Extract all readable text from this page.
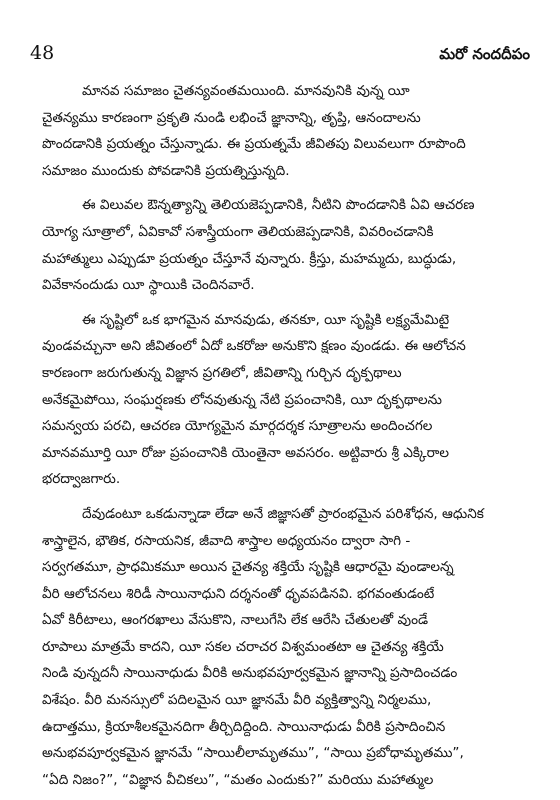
48	మరో నందదీపం

మానవ సమాజం చైతన్యవంతమయింది. మానవునికి వున్న యీ

చైతన్యము కారణంగా ప్రకృతి నుండి లభించే జ్ఞానాన్ని, తృప్తి, ఆనందాలను

పొందడానికి ప్రయత్నం చేస్తున్నాడు. ఈ ప్రయత్నమే జీవితపు విలువలుగా రూపొంది

సమాజం ముందుకు పోవడానికి ప్రయత్నిస్తున్నది.

ఈ విలువల ఔన్నత్యాన్ని తెలియజెప్పడానికి, నీటిని పొందడానికి ఏవి ఆచరణ

యోగ్య సూత్రాలో, ఏవికావో సశాస్త్రీయంగా తెలియజెప్పడానికి, వివరించడానికి

మహాత్ములు ఎప్పుడూ ప్రయత్నం చేస్తూనే వున్నారు. క్రీస్తు, మహమ్మదు, బుద్ధుడు,

వివేకానందుడు యీ స్థాయికి చెందినవారే.

ఈ సృష్టిలో ఒక భాగమైన మానవుడు, తనకూ, యీ సృష్టికి లక్ష్యమేమిటై

వుండవచ్చునా అని జీవితంలో ఏదో ఒకరోజు అనుకొని క్షణం వుండడు. ఈ ఆలోచన

కారణంగా జరుగుతున్న విజ్ఞాన ప్రగతిలో, జీవితాన్ని గుర్చిన దృక్పథాలు

అనేకమైపోయి, సంఘర్షణకు లోనవుతున్న నేటి ప్రపంచానికి, యీ దృక్పథాలను

సమన్వయ పరచి, ఆచరణ యోగ్యమైన మార్గదర్శక సూత్రాలను అందించగల

మానవమూర్తి యీ రోజు ప్రపంచానికి యెంతైనా అవసరం. అట్టివారు శ్రీ ఎక్కిరాల

భరద్వాజగారు.

దేవుడంటూ ఒకడున్నాడా లేడా అనే జిజ్ఞాసతో ప్రారంభమైన పరిశోధన, ఆధునిక

శాస్త్రాలైన, భౌతిక, రసాయనిక, జీవాది శాస్త్రాల అధ్యయనం ద్వారా సాగి -

సర్వగతమూ, ప్రాధమికమూ అయిన చైతన్య శక్తియే సృష్టికి ఆధారమై వుండాలన్న

వీరి ఆలోచనలు శిరిడీ సాయినాధుని దర్శనంతో ధృవపడినవి. భగవంతుడంటే

ఏవో కిరీటాలు, ఆంగరఖాలు వేసుకొని, నాలుగేసి లేక ఆరేసి చేతులతో వుండే

రూపాలు మాత్రమే కాదని, యీ సకల చరాచర విశ్వమంతటా ఆ చైతన్య శక్తియే

నిండి వున్నదనీ సాయినాధుడు వీరికి అనుభవపూర్వకమైన జ్ఞానాన్ని ప్రసాదించడం

విశేషం. వీరి మనస్సులో పదిలమైన యీ జ్ఞానమే వీరి వ్యక్తిత్వాన్ని నిర్మలము,

ఉదాత్తము, క్రియాశీలకమైనదిగా తీర్చిదిద్దింది. సాయినాధుడు వీరికి ప్రసాదించిన

అనుభవపూర్వకమైన జ్ఞానమే “సాయిలీలామృతము”, “సాయి ప్రబోధామృతము”,

“ఏది నిజం?”, “విజ్ఞాన వీచికలు”, “మతం ఎందుకు?” మరియు మహాత్ముల
